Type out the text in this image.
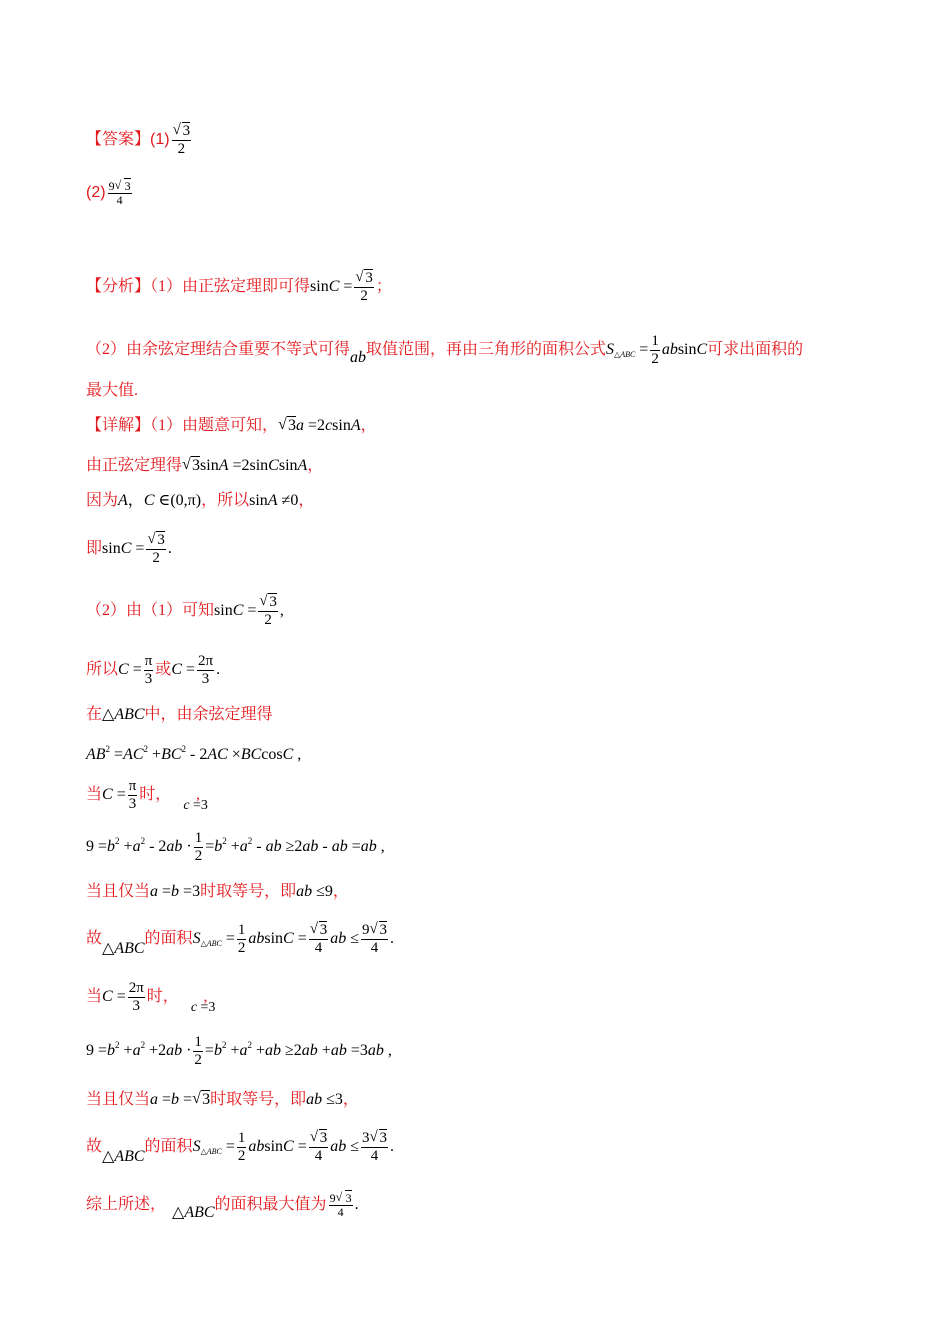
【答案】(1) √ $\frac{3}{2}$
$(2) \frac{9 √ 3}{4}$
【分析】（1）由正弦定理即可得sinC = √ $\frac{3}{2}$ ；
（2）由余弦定理结合重要不等式可得ab取值范围，再由三角形的面积公式$S_{\triangle ABC} = \frac{1}{2}$ absinC可求出面积的
最大值.
【详解】（1）由题意可知， √ 3a =2csinA，
由正弦定理得 √ 3sinA =2sinCsinA，
因为A，C ∈(0,π)，所以sinA ≠0，
即sinC = √ $\frac{3}{2}$ .
（2）由（1）可知sinC = √ $\frac{3}{2}$ ,
所以$C = \frac{\pi}{3}$ 或$C = \frac{2\pi}{3}$ .
在△ABC中，由余弦定理得
$AB^2 =AC^2 +BC^2 - 2AC \times BCcosC$ ,
当$C = \frac{\pi}{3}$ 时，c =3,
$9 =b^2 +a^2 - 2ab \cdot \frac{1}{2} =b^2 +a^2$ - ab ≥2ab - ab =ab ,
当且仅当a =b =3时取等号，即ab ≤9，
故△ABC的面积$S_{\triangle ABC} = \frac{1}{2}$ absinC = √ $\frac{3}{4}$ ab ≤ $\frac{9 √ 3}{4}$ .
当$C = \frac{2\pi}{3}$ 时，c =3,
$9 =b^2 +a^2 +2ab \cdot \frac{1}{2} =b^2 +a^2 +ab \ge 2ab +ab =3ab$ ,
当且仅当a =b = √ 3时取等号，即ab ≤3，
故△ABC的面积$S_{\triangle ABC} = \frac{1}{2}$ absinC = √ $\frac{3}{4}$ ab ≤ $\frac{3 √ 3}{4}$ .
综上所述， △ABC的面积最大值为 $\frac{9 √ 3}{4}$ .
